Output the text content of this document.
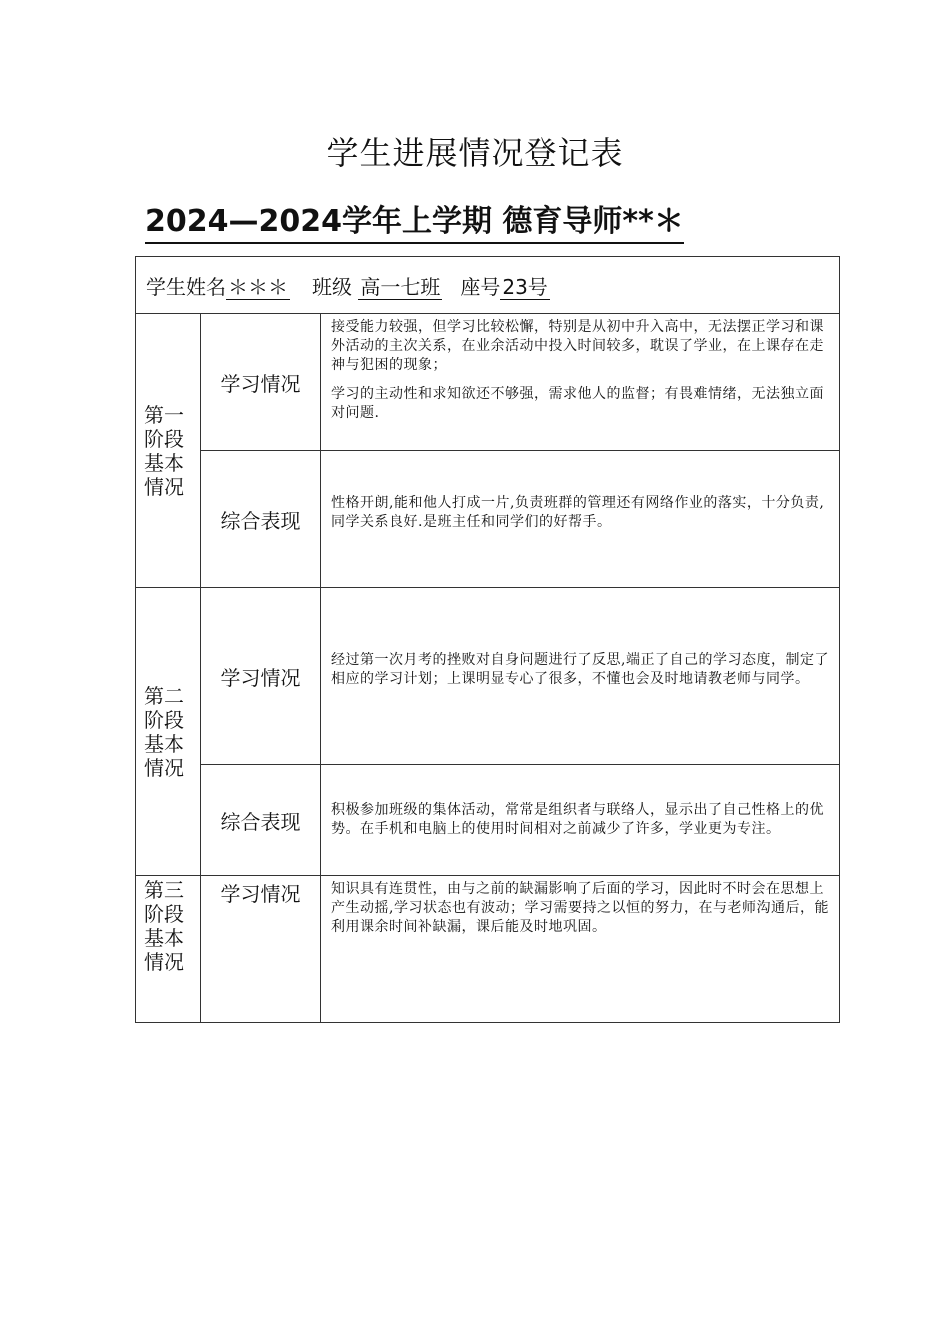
学生进展情况登记表
2024—2024学年上学期 德育导师**＊
学生姓名 ＊＊＊ 班级 高一七班 座号 23号		

第一阶段基本情况	学习情况	接受能力较强，但学习比较松懈，特别是从初中升入高中，无法摆正学习和课外活动的主次关系，在业余活动中投入时间较多，耽误了学业，在上课存在走神与犯困的现象；

学习的主动性和求知欲还不够强，需求他人的监督；有畏难情绪，无法独立面对问题.

	综合表现	性格开朗,能和他人打成一片,负责班群的管理还有网络作业的落实，十分负责,同学关系良好.是班主任和同学们的好帮手。

第二阶段基本情况	学习情况	经过第一次月考的挫败对自身问题进行了反思,端正了自己的学习态度，制定了相应的学习计划；上课明显专心了很多，不懂也会及时地请教老师与同学。

	综合表现	积极参加班级的集体活动，常常是组织者与联络人，显示出了自己性格上的优势。在手机和电脑上的使用时间相对之前减少了许多，学业更为专注。

第三阶段基本情况	学习情况	知识具有连贯性，由与之前的缺漏影响了后面的学习，因此时不时会在思想上产生动摇,学习状态也有波动；学习需要持之以恒的努力，在与老师沟通后，能利用课余时间补缺漏，课后能及时地巩固。
